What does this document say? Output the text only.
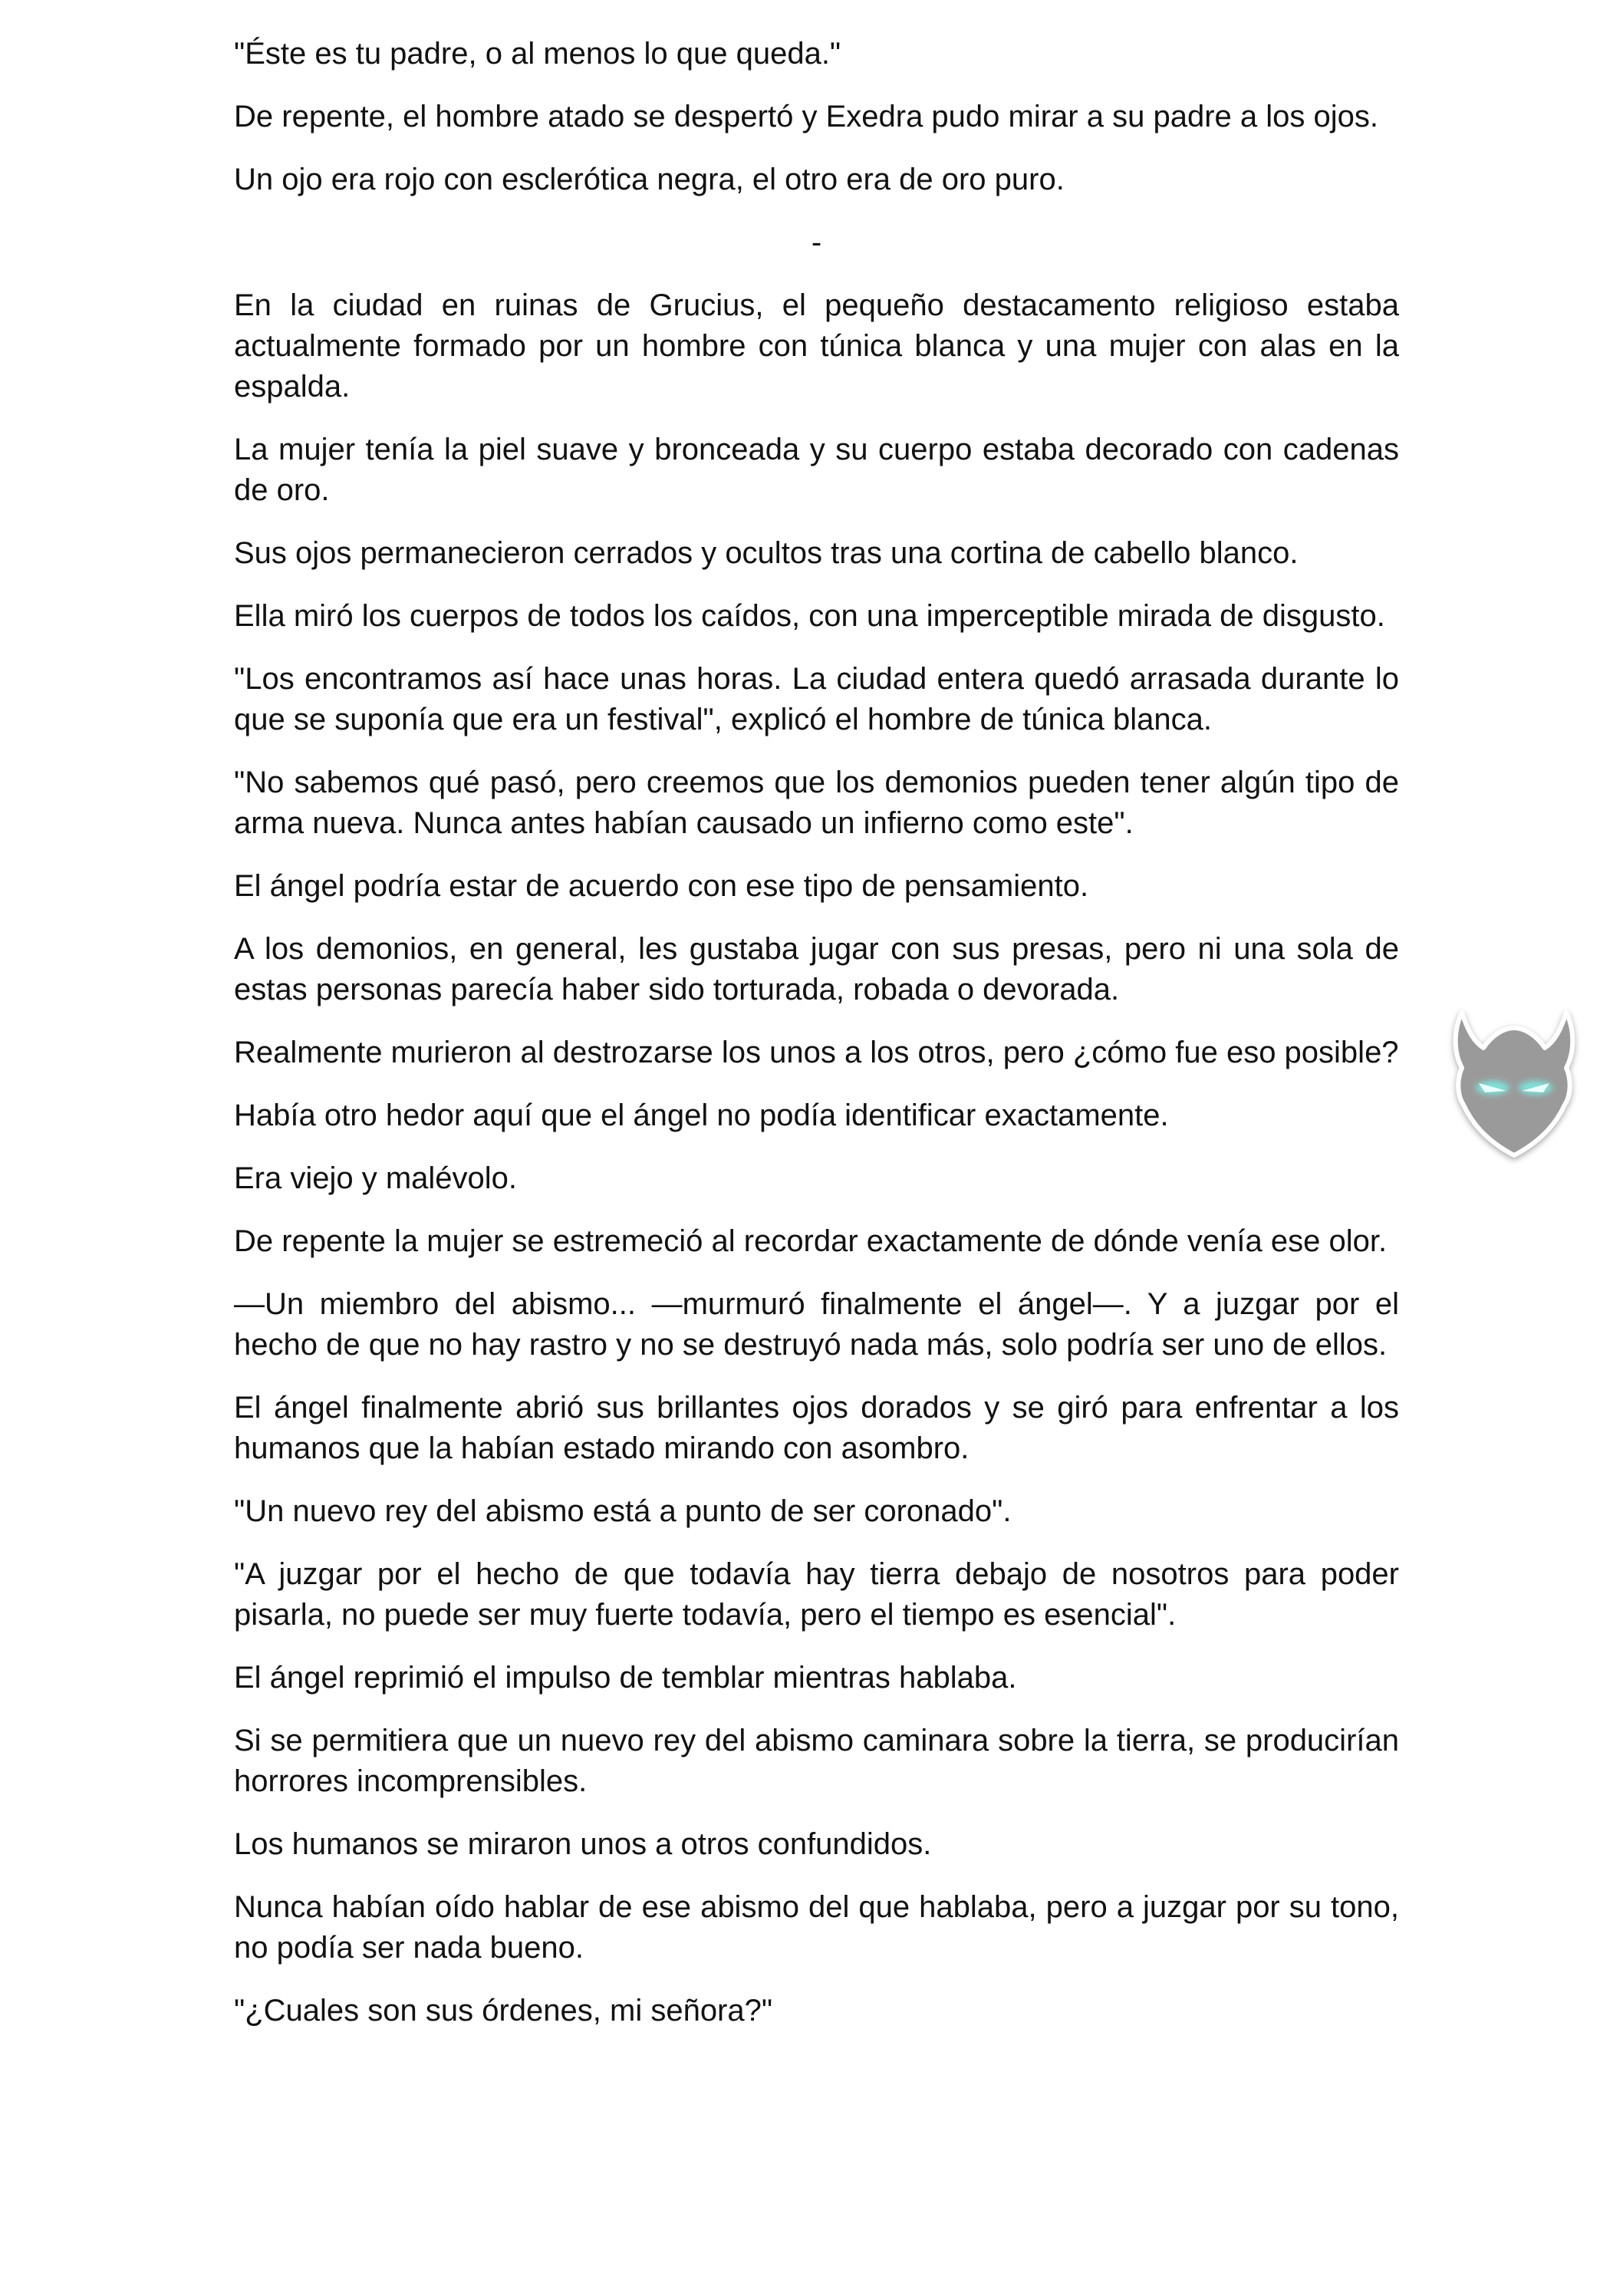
"Éste es tu padre, o al menos lo que queda."

De repente, el hombre atado se despertó y Exedra pudo mirar a su padre a los ojos.

Un ojo era rojo con esclerótica negra, el otro era de oro puro.

-

En la ciudad en ruinas de Grucius, el pequeño destacamento religioso estaba actualmente formado por un hombre con túnica blanca y una mujer con alas en la espalda.

La mujer tenía la piel suave y bronceada y su cuerpo estaba decorado con cadenas de oro.

Sus ojos permanecieron cerrados y ocultos tras una cortina de cabello blanco.

Ella miró los cuerpos de todos los caídos, con una imperceptible mirada de disgusto.

"Los encontramos así hace unas horas. La ciudad entera quedó arrasada durante lo que se suponía que era un festival", explicó el hombre de túnica blanca.

"No sabemos qué pasó, pero creemos que los demonios pueden tener algún tipo de arma nueva. Nunca antes habían causado un infierno como este".

El ángel podría estar de acuerdo con ese tipo de pensamiento.

A los demonios, en general, les gustaba jugar con sus presas, pero ni una sola de estas personas parecía haber sido torturada, robada o devorada.

Realmente murieron al destrozarse los unos a los otros, pero ¿cómo fue eso posible?

Había otro hedor aquí que el ángel no podía identificar exactamente.

Era viejo y malévolo.

De repente la mujer se estremeció al recordar exactamente de dónde venía ese olor.

—Un miembro del abismo... —murmuró finalmente el ángel—. Y a juzgar por el hecho de que no hay rastro y no se destruyó nada más, solo podría ser uno de ellos.

El ángel finalmente abrió sus brillantes ojos dorados y se giró para enfrentar a los humanos que la habían estado mirando con asombro.

"Un nuevo rey del abismo está a punto de ser coronado".

"A juzgar por el hecho de que todavía hay tierra debajo de nosotros para poder pisarla, no puede ser muy fuerte todavía, pero el tiempo es esencial".

El ángel reprimió el impulso de temblar mientras hablaba.

Si se permitiera que un nuevo rey del abismo caminara sobre la tierra, se producirían horrores incomprensibles.

Los humanos se miraron unos a otros confundidos.

Nunca habían oído hablar de ese abismo del que hablaba, pero a juzgar por su tono, no podía ser nada bueno.

"¿Cuales son sus órdenes, mi señora?"
